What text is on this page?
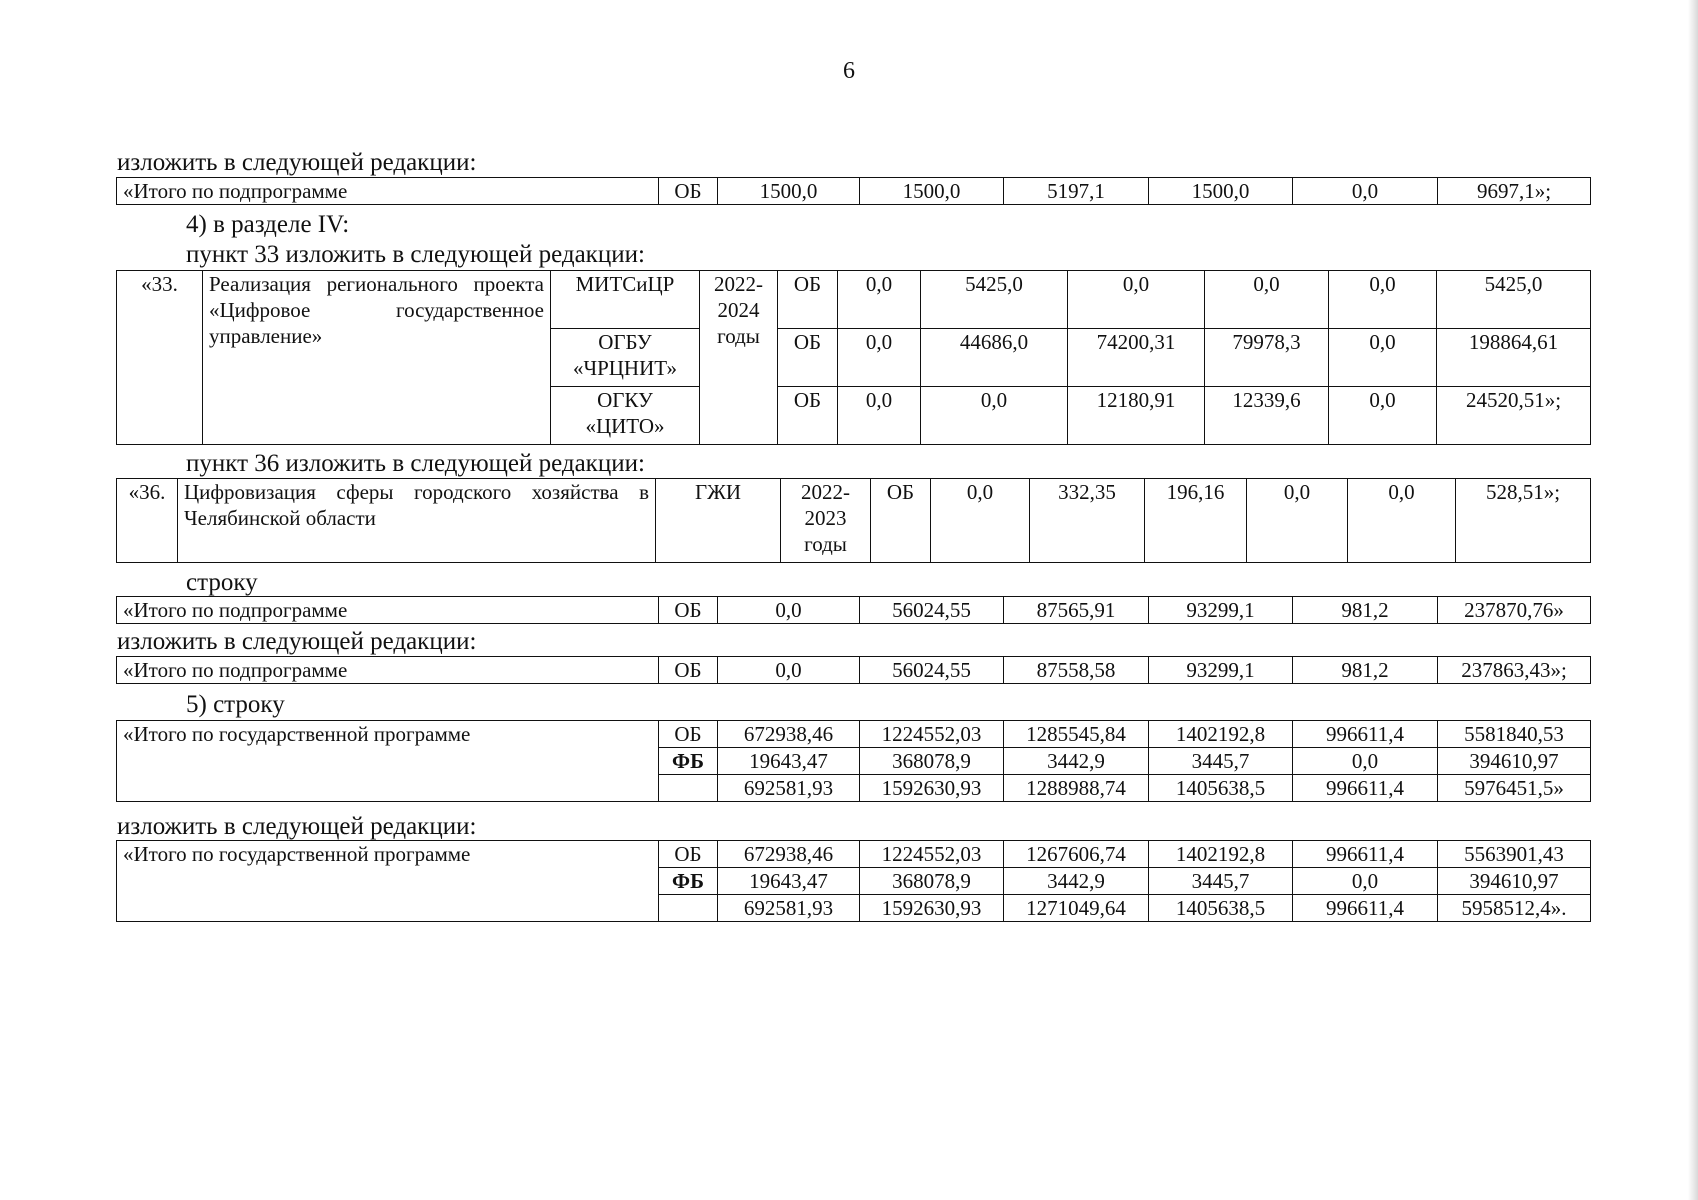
6
изложить в следующей редакции:
«Итого по подпрограмме	ОБ	1500,0	1500,0	5197,1	1500,0	0,0	9697,1»;
4) в разделе IV:
пункт 33 изложить в следующей редакции:
«33.	Реализация регионального проекта «Цифровое государственное управление»	МИТСиЦР	2022-2024 годы	ОБ	0,0	5425,0	0,0	0,0	0,0	5425,0
		ОГБУ «ЧРЦНИТ»		ОБ	0,0	44686,0	74200,31	79978,3	0,0	198864,61
		ОГКУ «ЦИТО»		ОБ	0,0	0,0	12180,91	12339,6	0,0	24520,51»;
пункт 36 изложить в следующей редакции:
«36.	Цифровизация сферы городского хозяйства в Челябинской области	ГЖИ	2022-2023 годы	ОБ	0,0	332,35	196,16	0,0	0,0	528,51»;
строку
«Итого по подпрограмме	ОБ	0,0	56024,55	87565,91	93299,1	981,2	237870,76»
изложить в следующей редакции:
«Итого по подпрограмме	ОБ	0,0	56024,55	87558,58	93299,1	981,2	237863,43»;
5) строку
«Итого по государственной программе	ОБ	672938,46	1224552,03	1285545,84	1402192,8	996611,4	5581840,53
	ФБ	19643,47	368078,9	3442,9	3445,7	0,0	394610,97
		692581,93	1592630,93	1288988,74	1405638,5	996611,4	5976451,5»
изложить в следующей редакции:
«Итого по государственной программе	ОБ	672938,46	1224552,03	1267606,74	1402192,8	996611,4	5563901,43
	ФБ	19643,47	368078,9	3442,9	3445,7	0,0	394610,97
		692581,93	1592630,93	1271049,64	1405638,5	996611,4	5958512,4».
